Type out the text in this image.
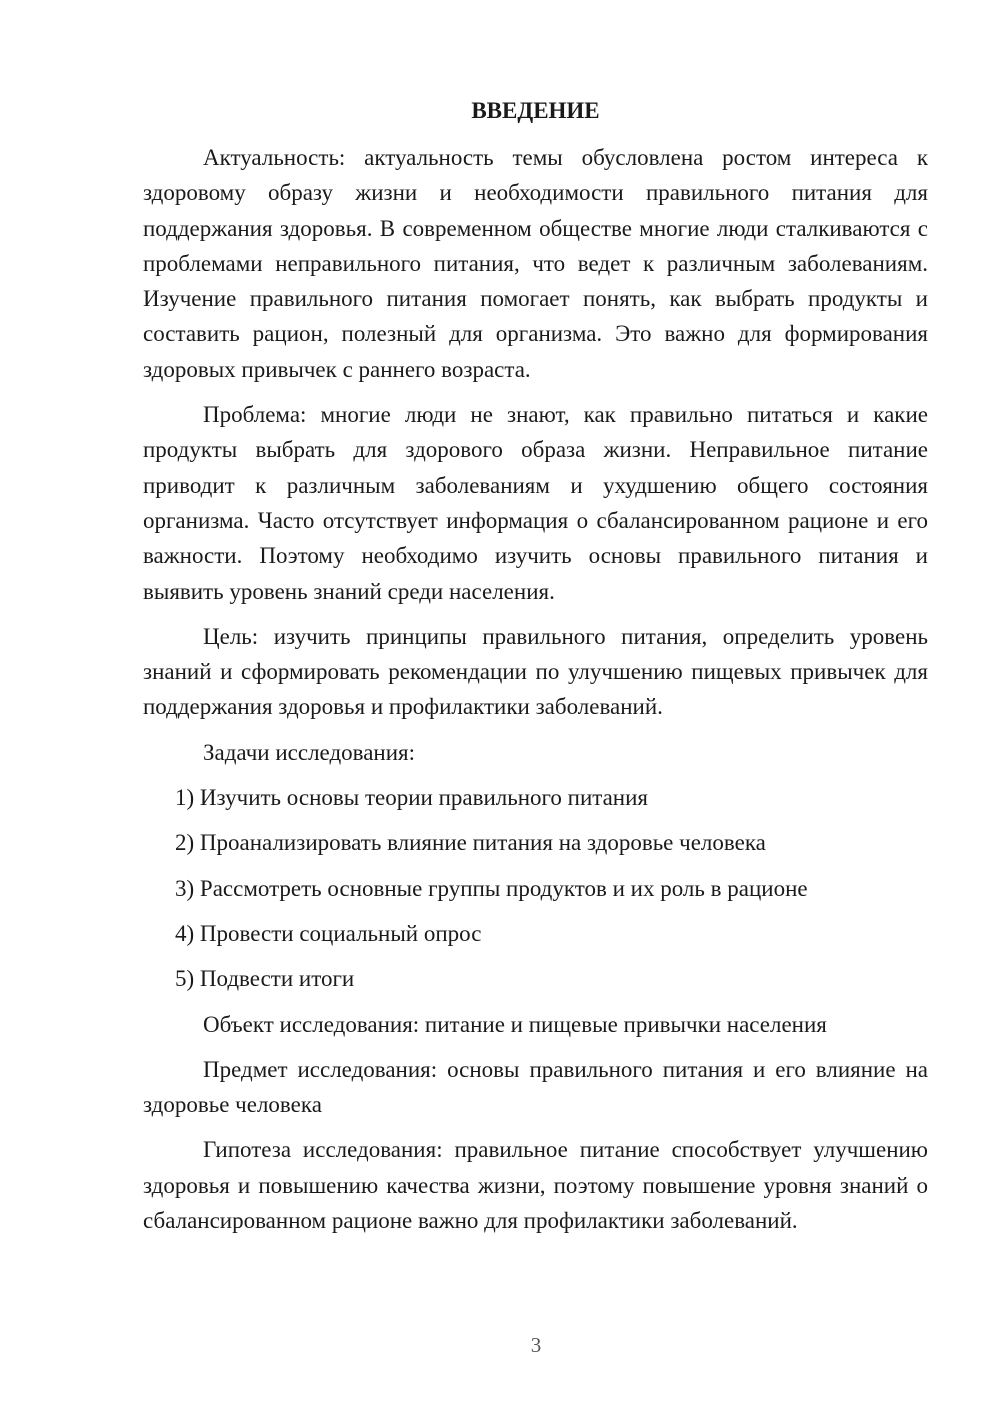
ВВЕДЕНИЕ

Актуальность: актуальность темы обусловлена ростом интереса к здоровому образу жизни и необходимости правильного питания для поддержания здоровья. В современном обществе многие люди сталкиваются с проблемами неправильного питания, что ведет к различным заболеваниям. Изучение правильного питания помогает понять, как выбрать продукты и составить рацион, полезный для организма. Это важно для формирования здоровых привычек с раннего возраста.

Проблема: многие люди не знают, как правильно питаться и какие продукты выбрать для здорового образа жизни. Неправильное питание приводит к различным заболеваниям и ухудшению общего состояния организма. Часто отсутствует информация о сбалансированном рационе и его важности. Поэтому необходимо изучить основы правильного питания и выявить уровень знаний среди населения.

Цель: изучить принципы правильного питания, определить уровень знаний и сформировать рекомендации по улучшению пищевых привычек для поддержания здоровья и профилактики заболеваний.

Задачи исследования:

1) Изучить основы теории правильного питания
2) Проанализировать влияние питания на здоровье человека
3) Рассмотреть основные группы продуктов и их роль в рационе
4) Провести социальный опрос
5) Подвести итоги

Объект исследования: питание и пищевые привычки населения

Предмет исследования: основы правильного питания и его влияние на здоровье человека

Гипотеза исследования: правильное питание способствует улучшению здоровья и повышению качества жизни, поэтому повышение уровня знаний о сбалансированном рационе важно для профилактики заболеваний.

3
